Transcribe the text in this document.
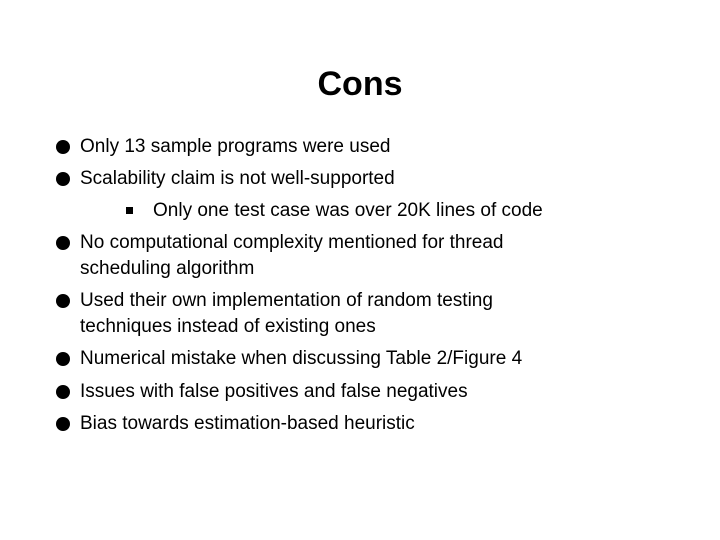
Cons
Only 13 sample programs were used
Scalability claim is not well-supported
Only one test case was over 20K lines of code
No computational complexity mentioned for thread
scheduling algorithm
Used their own implementation of random testing
techniques instead of existing ones
Numerical mistake when discussing Table 2/Figure 4
Issues with false positives and false negatives
Bias towards estimation-based heuristic
